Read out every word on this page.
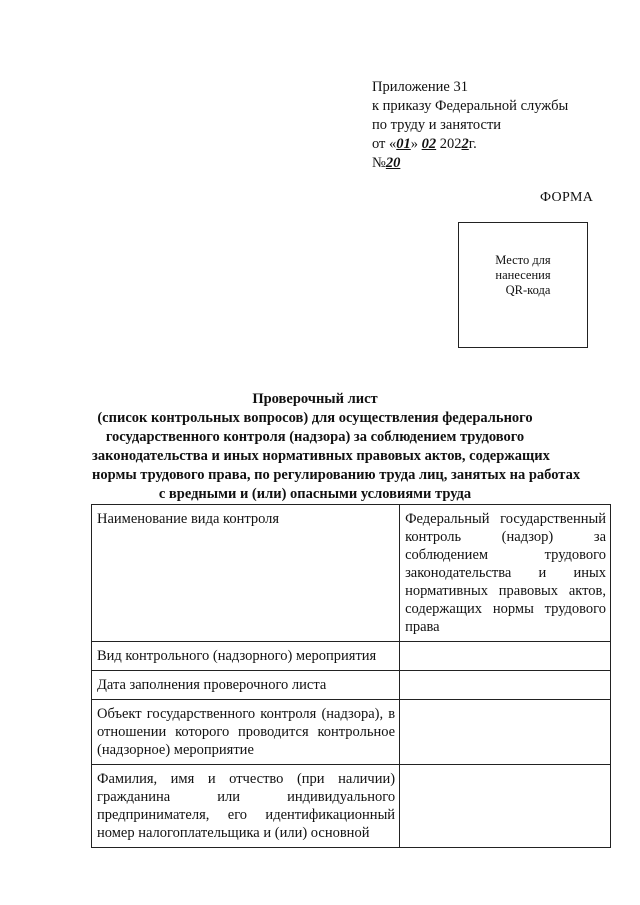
Приложение 31
к приказу Федеральной службы
по труду и занятости
от «01» 02 2022г.
№20
ФОРМА
Место для
нанесения
QR-кода
Проверочный лист
(список контрольных вопросов) для осуществления федерального
государственного контроля (надзора) за соблюдением трудового
законодательства и иных нормативных правовых актов, содержащих
нормы трудового права, по регулированию труда лиц, занятых на работах
с вредными и (или) опасными условиями труда
Наименование вида контроля	Федеральный государственный контроль (надзор) за соблюдением трудового законодательства и иных нормативных правовых актов, содержащих нормы трудового права
Вид контрольного (надзорного) мероприятия	
Дата заполнения проверочного листа	
Объект государственного контроля (надзора), в отношении которого проводится контрольное (надзорное) мероприятие	
Фамилия, имя и отчество (при наличии) гражданина или индивидуального предпринимателя, его идентификационный номер налогоплательщика и (или) основной	
